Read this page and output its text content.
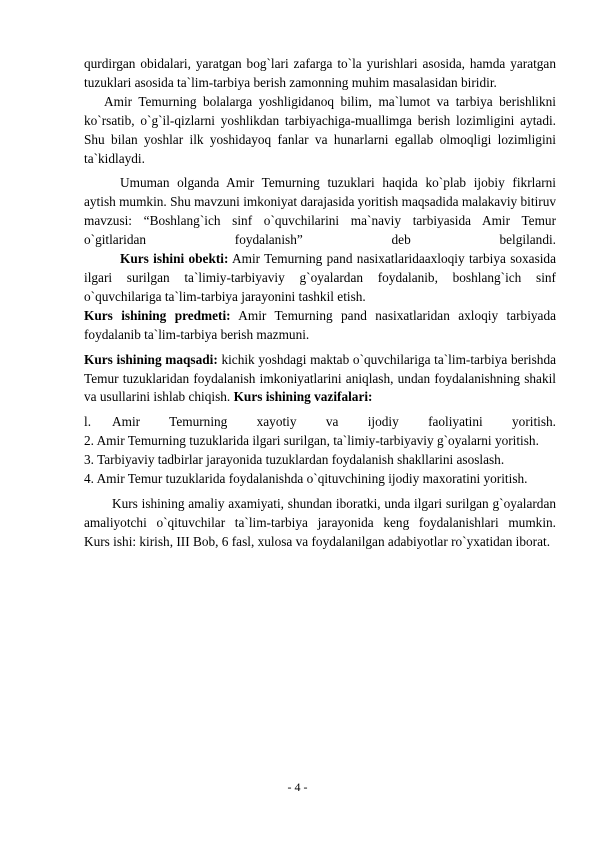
qurdirgan obidalari, yaratgan bog`lari zafarga to`la yurishlari asosida, hamda yaratgan tuzuklari asosida ta`lim-tarbiya berish zamonning muhim masalasidan biridir.

Amir Temurning bolalarga yoshligidanoq bilim, ma`lumot va tarbiya berishlikni ko`rsatib, o`g`il-qizlarni yoshlikdan tarbiyachiga-muallimga berish lozimligini aytadi. Shu bilan yoshlar ilk yoshidayoq fanlar va hunarlarni egallab olmoqligi lozimligini ta`kidlaydi.

Umuman olganda Amir Temurning tuzuklari haqida ko`plab ijobiy fikrlarni aytish mumkin. Shu mavzuni imkoniyat darajasida yoritish maqsadida malakaviy bitiruv mavzusi: “Boshlang`ich sinf o`quvchilarini ma`naviy tarbiyasida Amir Temur o`gitlaridan foydalanish” deb belgilandi.

Kurs ishini obekti: Amir Temurning pand nasixatlaridaaxloqiy tarbiya soxasida ilgari surilgan ta`limiy-tarbiyaviy g`oyalardan foydalanib, boshlang`ich sinf o`quvchilariga ta`lim-tarbiya jarayonini tashkil etish.

Kurs ishining predmeti: Amir Temurning pand nasixatlaridan axloqiy tarbiyada foydalanib ta`lim-tarbiya berish mazmuni.

Kurs ishining maqsadi: kichik yoshdagi maktab o`quvchilariga ta`lim-tarbiya berishda Temur tuzuklaridan foydalanish imkoniyatlarini aniqlash, undan foydalanishning shakil va usullarini ishlab chiqish. Kurs ishining vazifalari:

l.	Amir Temurning xayotiy va ijodiy faoliyatini yoritish.

2. Amir Temurning tuzuklarida ilgari surilgan, ta`limiy-tarbiyaviy g`oyalarni yoritish.

3. Tarbiyaviy tadbirlar jarayonida tuzuklardan foydalanish shakllarini asoslash.

4. Amir Temur tuzuklarida foydalanishda o`qituvchining ijodiy maxoratini yoritish.

Kurs ishining amaliy axamiyati, shundan iboratki, unda ilgari surilgan g`oyalardan amaliyotchi o`qituvchilar ta`lim-tarbiya jarayonida keng foydalanishlari mumkin.

Kurs ishi: kirish, III Bob, 6 fasl, xulosa va foydalanilgan adabiyotlar ro`yxatidan iborat.

- 4 -
